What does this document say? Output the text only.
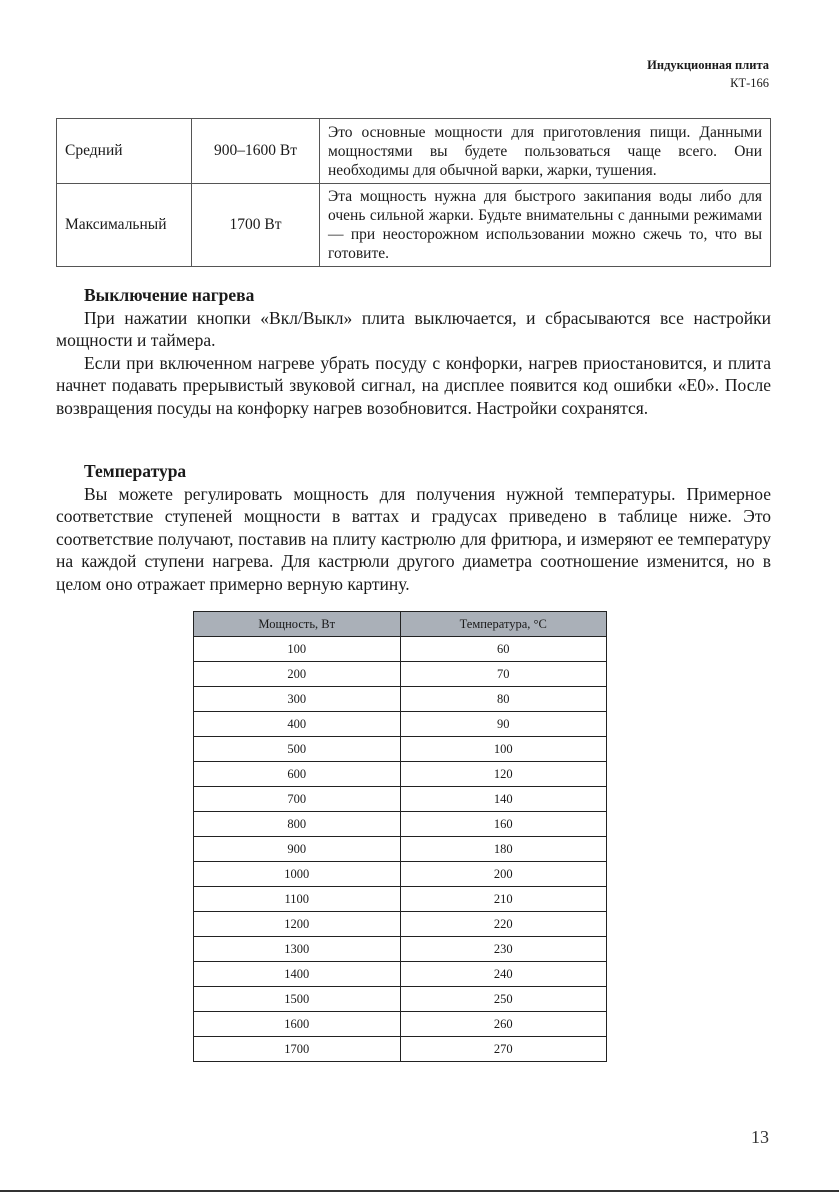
Индукционная плита
КТ-166
Средний	900–1600 Вт	Это основные мощности для приготовления пищи. Данными мощностями вы будете пользоваться чаще всего. Они необходимы для обычной варки, жарки, тушения.
Максимальный	1700 Вт	Эта мощность нужна для быстрого закипания воды либо для очень сильной жарки. Будьте внимательны с данными режимами — при неосторожном использовании можно сжечь то, что вы готовите.

Выключение нагрева

При нажатии кнопки «Вкл/Выкл» плита выключается, и сбрасываются все настройки мощности и таймера.

Если при включенном нагреве убрать посуду с конфорки, нагрев приостановится, и плита начнет подавать прерывистый звуковой сигнал, на дисплее появится код ошибки «E0». После возвращения посуды на конфорку нагрев возобновится. Настройки сохранятся.

Температура

Вы можете регулировать мощность для получения нужной температуры. Примерное соответствие ступеней мощности в ваттах и градусах приведено в таблице ниже. Это соответствие получают, поставив на плиту кастрюлю для фритюра, и измеряют ее температуру на каждой ступени нагрева. Для кастрюли другого диаметра соотношение изменится, но в целом оно отражает примерно верную картину.

Мощность, Вт	Температура, °C
100	60
200	70
300	80
400	90
500	100
600	120
700	140
800	160
900	180
1000	200
1100	210
1200	220
1300	230
1400	240
1500	250
1600	260
1700	270
13
